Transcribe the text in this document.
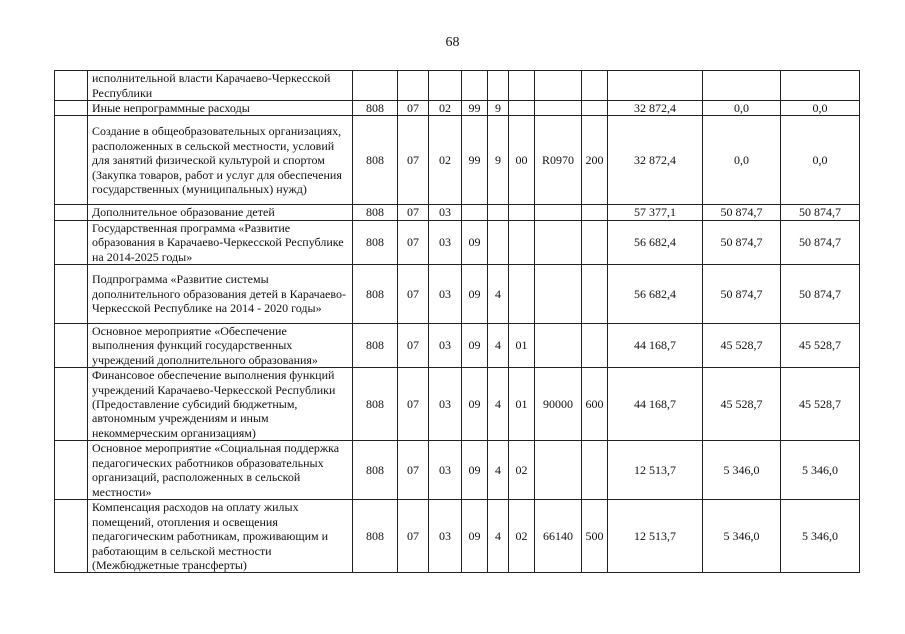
68
	исполнительной власти Карачаево-Черкесской Республики											
	Иные непрограммные расходы	808	07	02	99	9				32 872,4	0,0	0,0
	Создание в общеобразовательных организациях, расположенных в сельской местности, условий для занятий физической культурой и спортом (Закупка товаров, работ и услуг для обеспечения государственных (муниципальных) нужд)	808	07	02	99	9	00	R0970	200	32 872,4	0,0	0,0
	Дополнительное образование детей	808	07	03						57 377,1	50 874,7	50 874,7
	Государственная программа «Развитие образования в Карачаево-Черкесской Республике на 2014-2025 годы»	808	07	03	09					56 682,4	50 874,7	50 874,7
	Подпрограмма «Развитие системы дополнительного образования детей в Карачаево-Черкесской Республике на 2014 - 2020 годы»	808	07	03	09	4				56 682,4	50 874,7	50 874,7
	Основное мероприятие «Обеспечение выполнения функций государственных учреждений дополнительного образования»	808	07	03	09	4	01			44 168,7	45 528,7	45 528,7
	Финансовое обеспечение выполнения функций учреждений Карачаево-Черкесской Республики (Предоставление субсидий бюджетным, автономным учреждениям и иным некоммерческим организациям)	808	07	03	09	4	01	90000	600	44 168,7	45 528,7	45 528,7
	Основное мероприятие «Социальная поддержка педагогических работников образовательных организаций, расположенных в сельской местности»	808	07	03	09	4	02			12 513,7	5 346,0	5 346,0
	Компенсация расходов на оплату жилых помещений, отопления и освещения педагогическим работникам, проживающим и работающим в сельской местности (Межбюджетные трансферты)	808	07	03	09	4	02	66140	500	12 513,7	5 346,0	5 346,0
